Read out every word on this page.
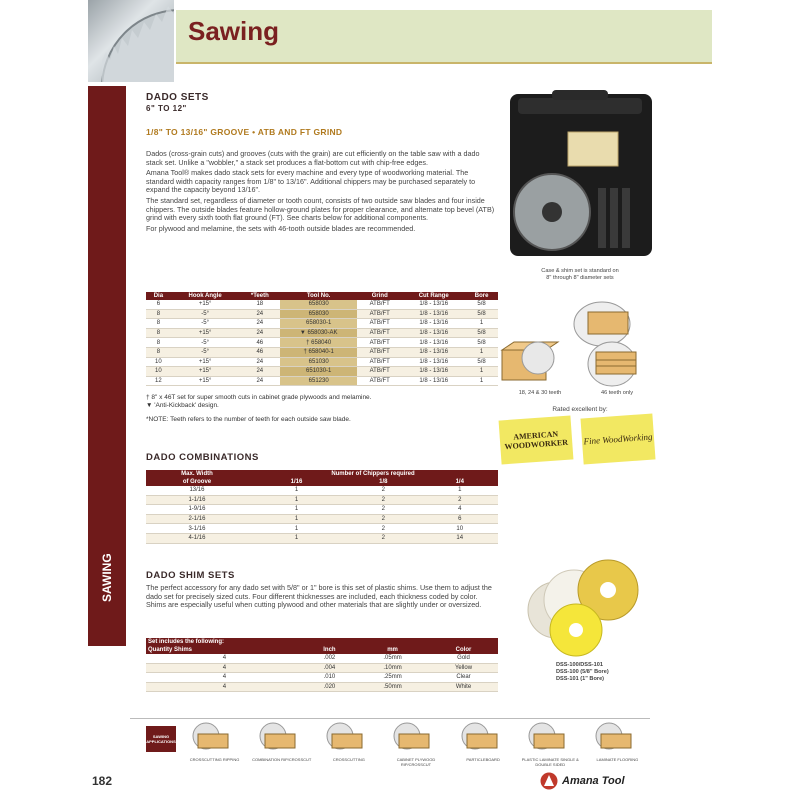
Sawing
SAWING
DADO SETS
6" TO 12"
1/8" TO 13/16" GROOVE • ATB AND FT GRIND

Dados (cross-grain cuts) and grooves (cuts with the grain) are cut efficiently on the table saw with a dado stack set. Unlike a "wobbler," a stack set produces a flat-bottom cut with chip-free edges.

Amana Tool® makes dado stack sets for every machine and every type of woodworking material. The standard width capacity ranges from 1/8" to 13/16". Additional chippers may be purchased separately to expand the capacity beyond 13/16".

The standard set, regardless of diameter or tooth count, consists of two outside saw blades and four inside chippers. The outside blades feature hollow-ground plates for proper clearance, and alternate top bevel (ATB) grind with every sixth tooth flat ground (FT). See charts below for additional components.

For plywood and melamine, the sets with 46-tooth outside blades are recommended.

Case & shim set is standard on
8" through 8" diameter sets
18, 24 & 30 teeth	46 teeth only
Rated excellent by:
AMERICAN WOODWORKER	Fine WoodWorking
Dia	Hook Angle	*Teeth	Tool No.	Grind	Cut Range	Bore
6	+15°	18	658030	ATB/FT	1/8 - 13/16	5/8
8	-5°	24	658030	ATB/FT	1/8 - 13/16	5/8
8	-5°	24	658030-1	ATB/FT	1/8 - 13/16	1
8	+15°	24	▼ 658030-AK	ATB/FT	1/8 - 13/16	5/8
8	-5°	46	† 658040	ATB/FT	1/8 - 13/16	5/8
8	-5°	46	† 658040-1	ATB/FT	1/8 - 13/16	1
10	+15°	24	651030	ATB/FT	1/8 - 13/16	5/8
10	+15°	24	651030-1	ATB/FT	1/8 - 13/16	1
12	+15°	24	651230	ATB/FT	1/8 - 13/16	1
† 8" x 46T set for super smooth cuts in cabinet grade plywoods and melamine.
▼ 'Anti-Kickback' design.
*NOTE: Teeth refers to the number of teeth for each outside saw blade.
DADO COMBINATIONS
Max. Width	Number of Chippers required		
of Groove	1/16	1/8	1/4
13/16	1	2	1
1-1/16	1	2	2
1-9/16	1	2	4
2-1/16	1	2	6
3-1/16	1	2	10
4-1/16	1	2	14
DADO SHIM SETS

The perfect accessory for any dado set with 5/8" or 1" bore is this set of plastic shims. Use them to adjust the dado set for precisely sized cuts. Four different thicknesses are included, each thickness coded by color. Shims are especially useful when cutting plywood and other materials that are slightly under or oversized.

Set includes the following:			
Quantity Shims	Inch	mm	Color
4	.002	.05mm	Gold
4	.004	.10mm	Yellow
4	.010	.25mm	Clear
4	.020	.50mm	White
DSS-100/DSS-101
DSS-100 (5/8" Bore)
DSS-101 (1" Bore)
SAWING APPLICATIONS
CROSSCUTTING RIPPING	COMBINATION RIP/CROSSCUT	CROSSCUTTING	CABINET PLYWOOD RIP/CROSSCUT
PARTICLEBOARD	PLASTIC LAMINATE SINGLE & DOUBLE SIDED
LAMINATE FLOORING
182	Amana Tool
